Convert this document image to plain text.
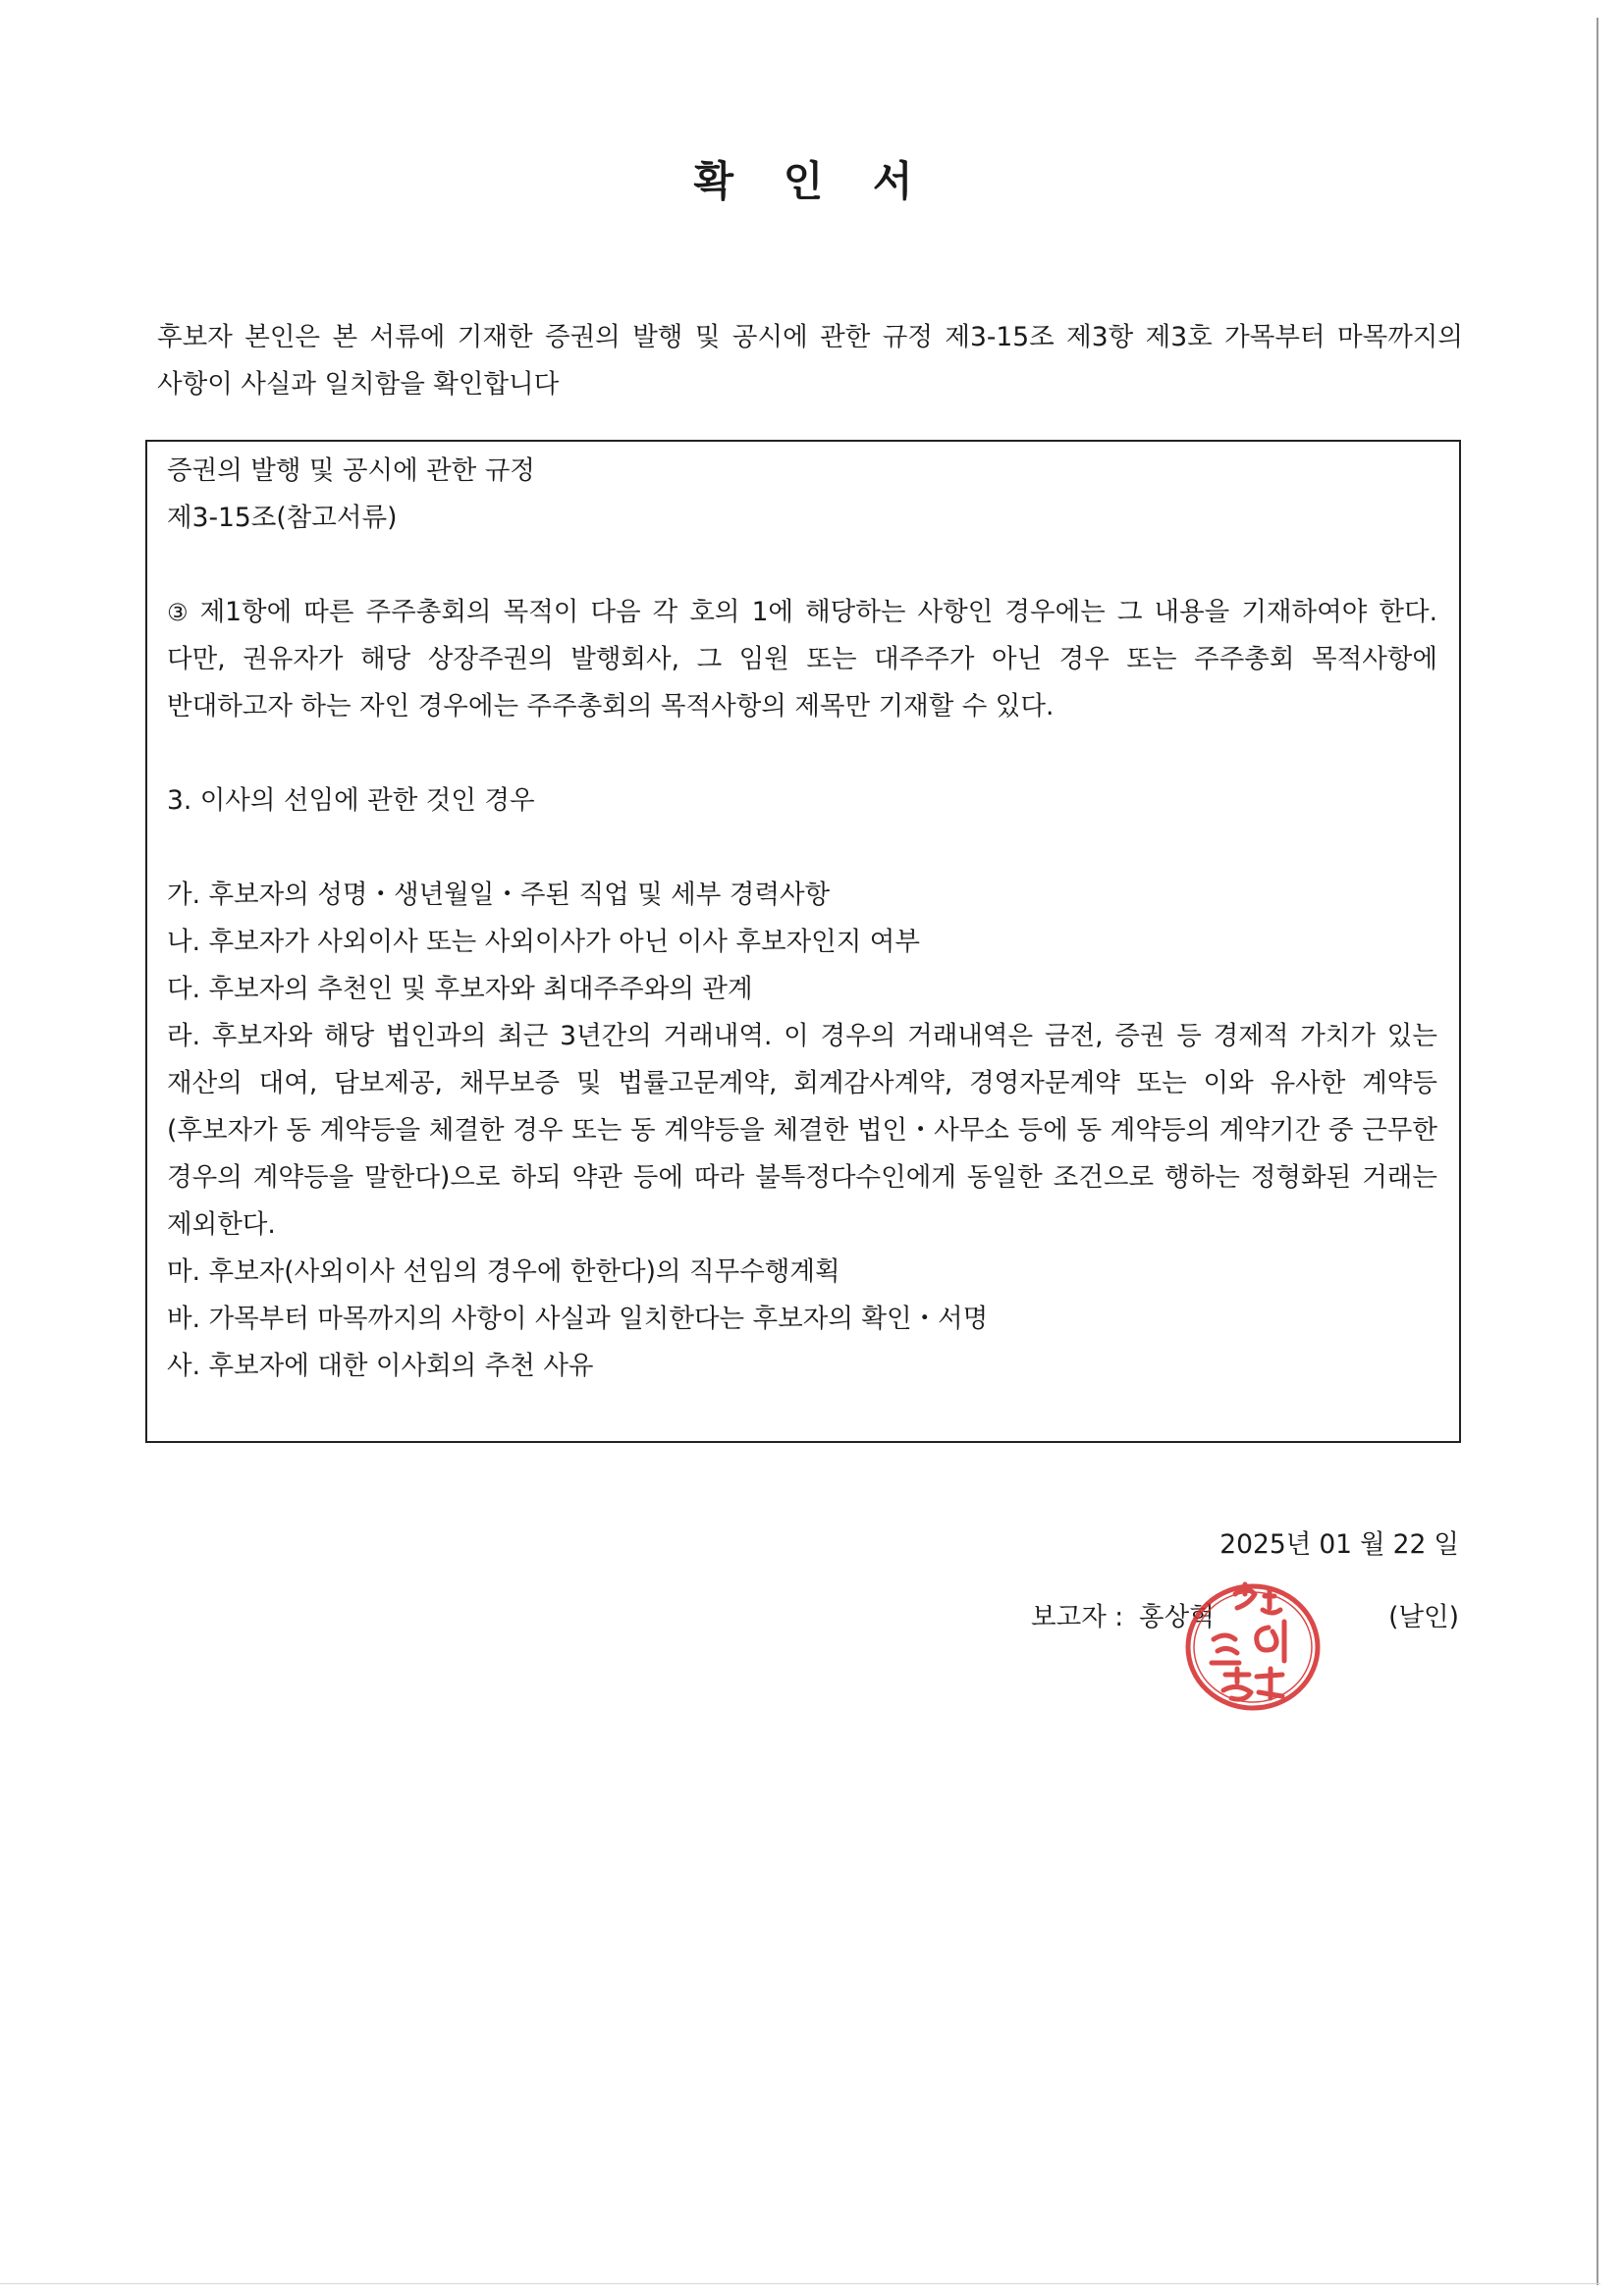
확 인 서

후보자 본인은 본 서류에 기재한 증권의 발행 및 공시에 관한 규정 제3-15조 제3항 제3호 가목부터 마목까지의 사항이 사실과 일치함을 확인합니다

증권의 발행 및 공시에 관한 규정

제3-15조(참고서류)

③ 제1항에 따른 주주총회의 목적이 다음 각 호의 1에 해당하는 사항인 경우에는 그 내용을 기재하여야 한다. 다만, 권유자가 해당 상장주권의 발행회사, 그 임원 또는 대주주가 아닌 경우 또는 주주총회 목적사항에 반대하고자 하는 자인 경우에는 주주총회의 목적사항의 제목만 기재할 수 있다.

3. 이사의 선임에 관한 것인 경우

가. 후보자의 성명・생년월일・주된 직업 및 세부 경력사항

나. 후보자가 사외이사 또는 사외이사가 아닌 이사 후보자인지 여부

다. 후보자의 추천인 및 후보자와 최대주주와의 관계

라. 후보자와 해당 법인과의 최근 3년간의 거래내역. 이 경우의 거래내역은 금전, 증권 등 경제적 가치가 있는 재산의 대여, 담보제공, 채무보증 및 법률고문계약, 회계감사계약, 경영자문계약 또는 이와 유사한 계약등(후보자가 동 계약등을 체결한 경우 또는 동 계약등을 체결한 법인・사무소 등에 동 계약등의 계약기간 중 근무한 경우의 계약등을 말한다)으로 하되 약관 등에 따라 불특정다수인에게 동일한 조건으로 행하는 정형화된 거래는 제외한다.

마. 후보자(사외이사 선임의 경우에 한한다)의 직무수행계획

바. 가목부터 마목까지의 사항이 사실과 일치한다는 후보자의 확인・서명

사. 후보자에 대한 이사회의 추천 사유

2025년 01 월 22 일
보고자 : 홍상혁	(날인)
